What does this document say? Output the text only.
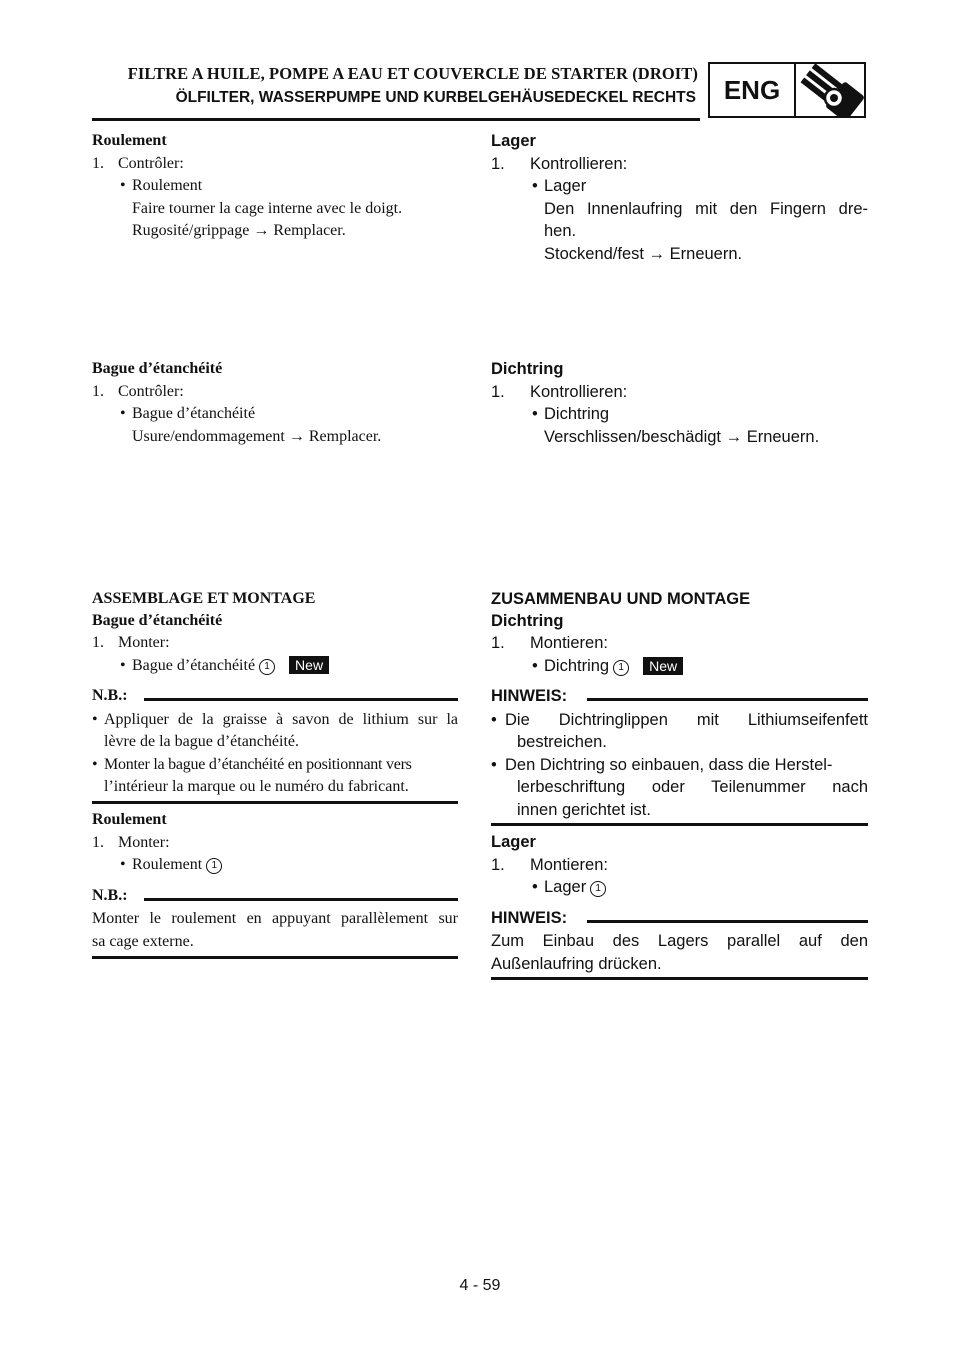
FILTRE A HUILE, POMPE A EAU ET COUVERCLE DE STARTER (DROIT)
ÖLFILTER, WASSERPUMPE UND KURBELGEHÄUSEDECKEL RECHTS	ENG
Roulement
1. Contrôler:
• Roulement
Faire tourner la cage interne avec le doigt.
Rugosité/grippage → Remplacer.
Bague d’étanchéité
1. Contrôler:
• Bague d’étanchéité
Usure/endommagement → Remplacer.
ASSEMBLAGE ET MONTAGE
Bague d’étanchéité
1. Monter:
• Bague d’étanchéité 1 New
N.B.:
• Appliquer de la graisse à savon de lithium sur la
lèvre de la bague d’étanchéité.
• Monter la bague d’étanchéité en positionnant vers
l’intérieur la marque ou le numéro du fabricant.
Roulement
1. Monter:
• Roulement 1
N.B.:
Monter le roulement en appuyant parallèlement sur
sa cage externe.
Lager
1. Kontrollieren:
• Lager
Den Innenlaufring mit den Fingern dre-
hen.
Stockend/fest → Erneuern.
Dichtring
1. Kontrollieren:
• Dichtring
Verschlissen/beschädigt → Erneuern.
ZUSAMMENBAU UND MONTAGE
Dichtring
1. Montieren:
• Dichtring 1 New
HINWEIS:
• Die Dichtringlippen mit Lithiumseifenfett
bestreichen.
• Den Dichtring so einbauen, dass die Herstel-
lerbeschriftung oder Teilenummer nach
innen gerichtet ist.
Lager
1. Montieren:
• Lager 1
HINWEIS:
Zum Einbau des Lagers parallel auf den
Außenlaufring drücken.
4 - 59
